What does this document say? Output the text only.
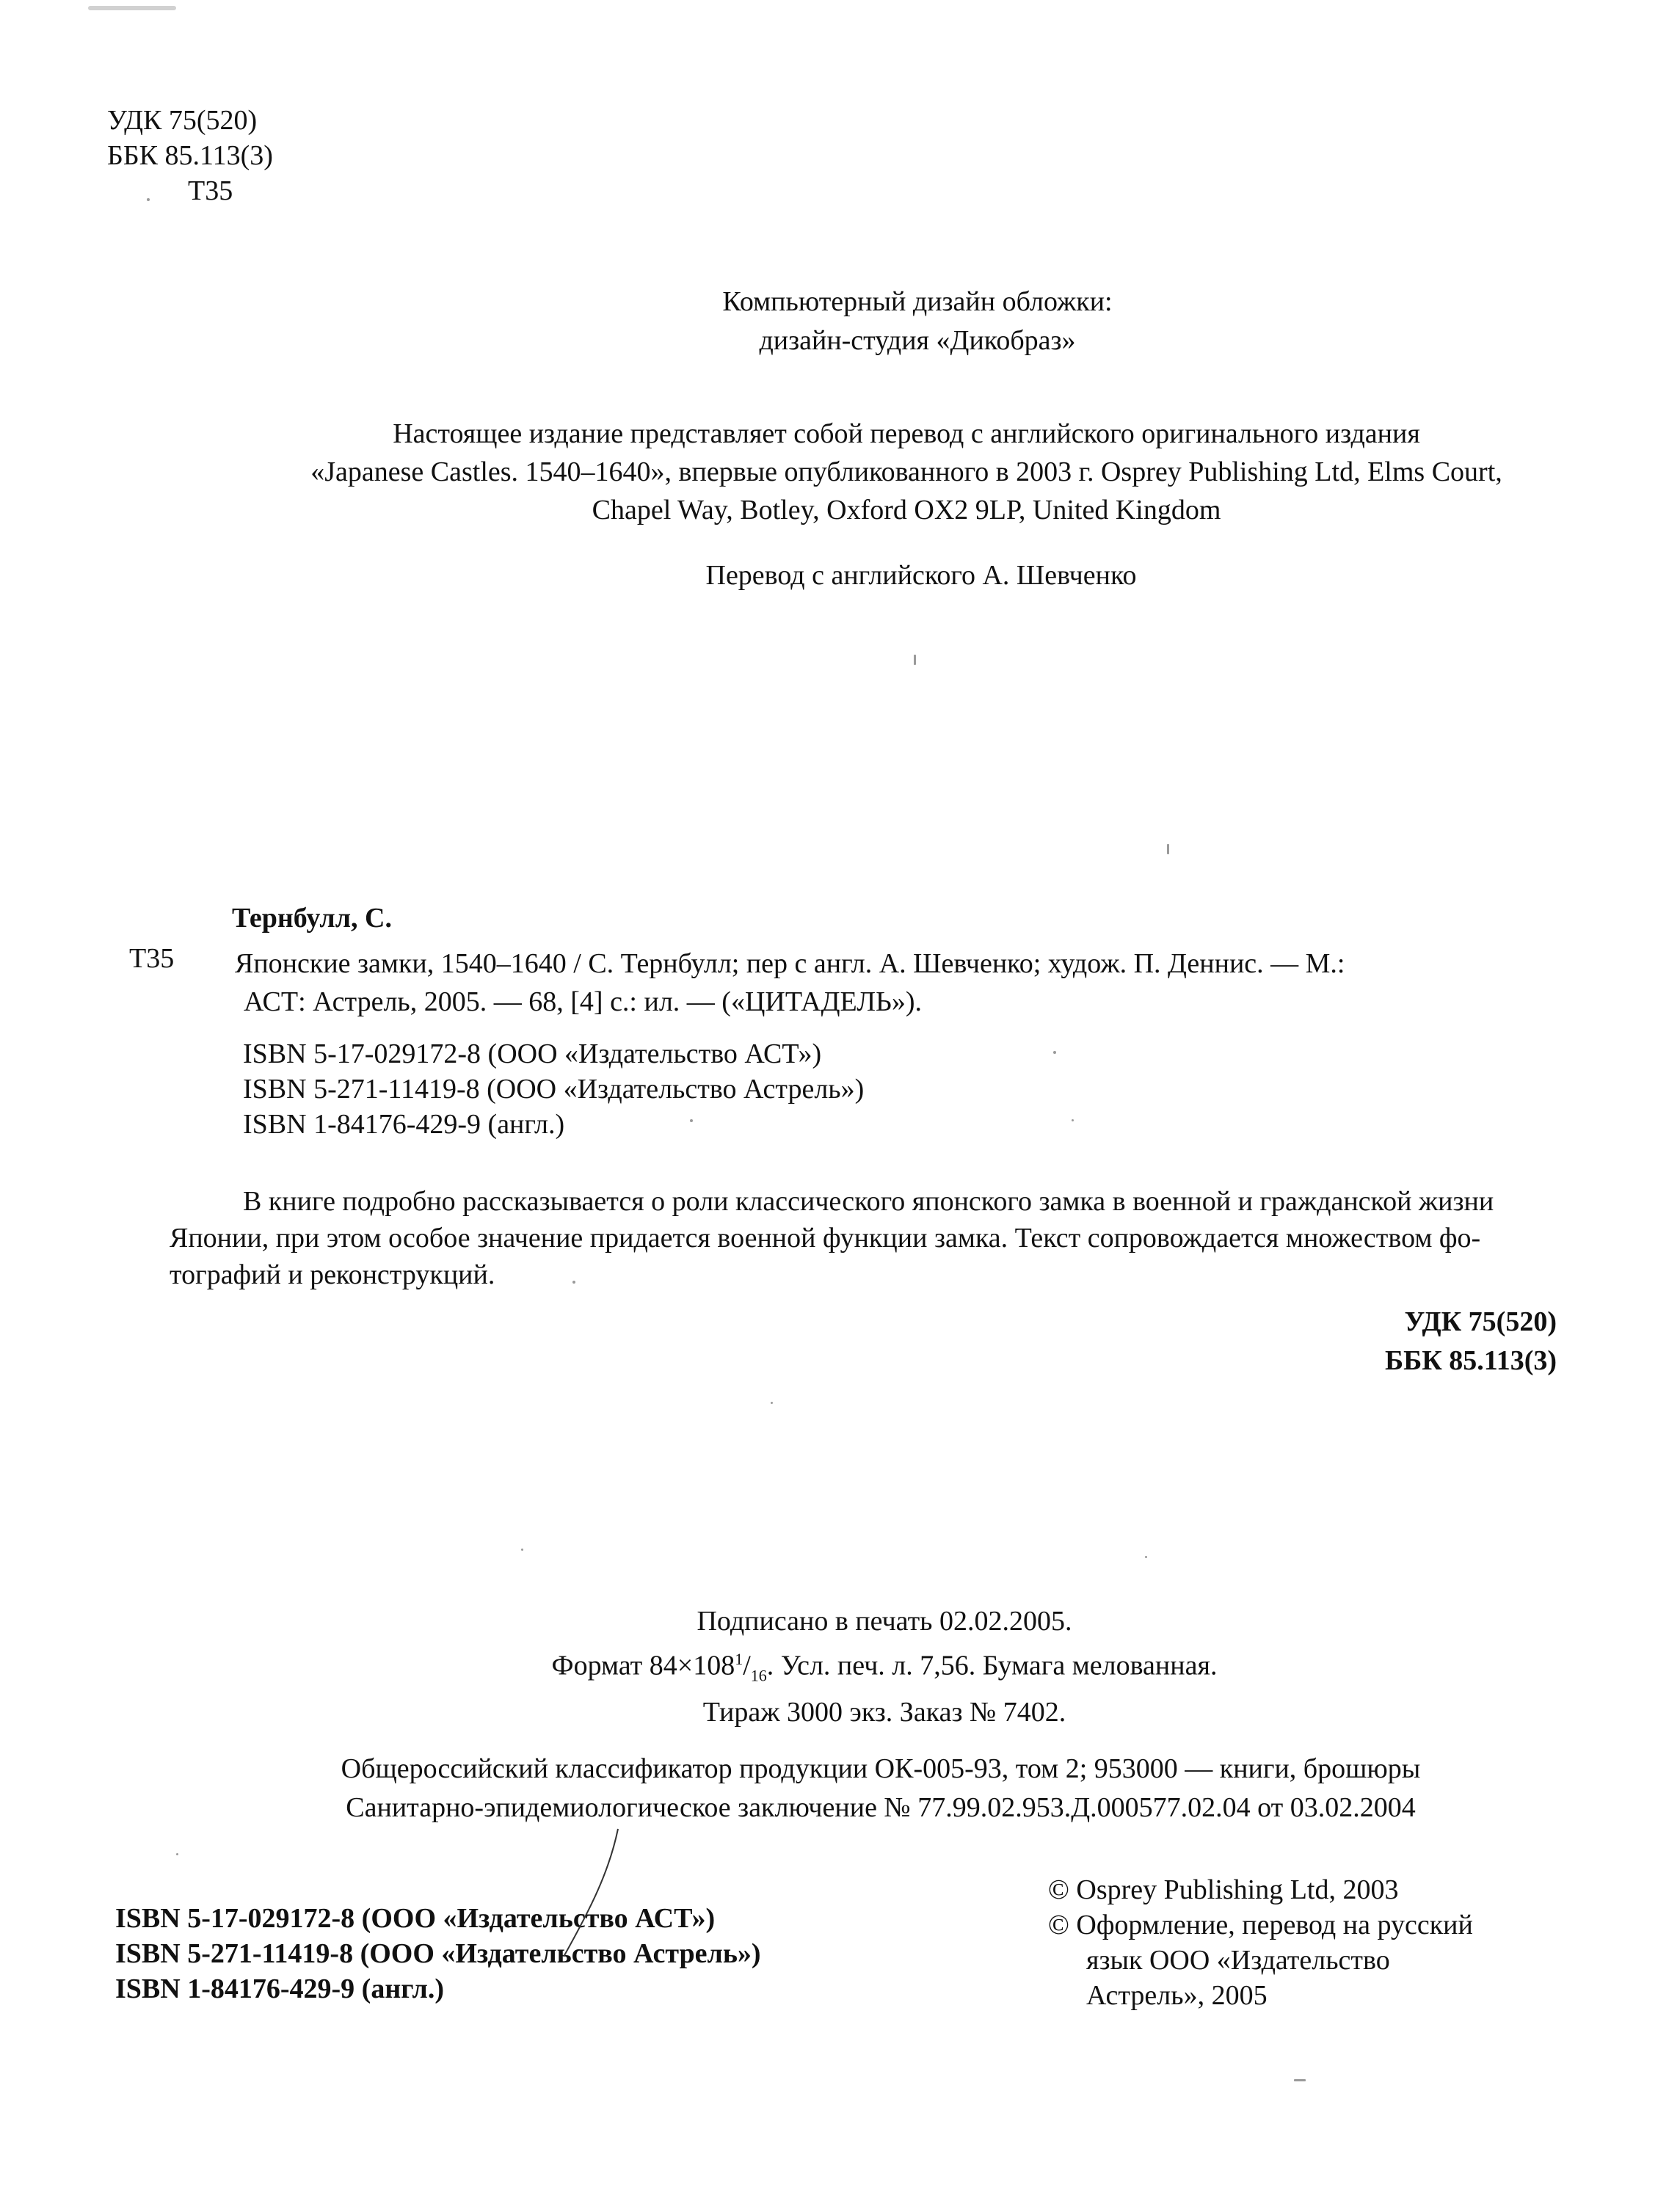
УДК 75(520)
ББК 85.113(3)
Т35
Компьютерный дизайн обложки:
дизайн-студия «Дикобраз»
Настоящее издание представляет собой перевод с английского оригинального издания
«Japanese Castles. 1540–1640», впервые опубликованного в 2003 г. Osprey Publishing Ltd, Elms Court,
Chapel Way, Botley, Oxford OX2 9LP, United Kingdom
Перевод с английского А. Шевченко
Тернбулл, С.
Т35 Японские замки, 1540–1640 / С. Тернбулл; пер с англ. А. Шевченко; худож. П. Деннис. — М.:
АСТ: Астрель, 2005. — 68, [4] с.: ил. — («ЦИТАДЕЛЬ»).
ISBN 5-17-029172-8 (ООО «Издательство АСТ»)
ISBN 5-271-11419-8 (ООО «Издательство Астрель»)
ISBN 1-84176-429-9 (англ.)
В книге подробно рассказывается о роли классического японского замка в военной и гражданской жизни
Японии, при этом особое значение придается военной функции замка. Текст сопровождается множеством фо-
тографий и реконструкций.
УДК 75(520)
ББК 85.113(3)
Подписано в печать 02.02.2005.
Формат $84\times 108^1/_{16}$. Усл. печ. л. 7,56. Бумага мелованная.
Тираж 3000 экз. Заказ № 7402.
Общероссийский классификатор продукции ОК-005-93, том 2; 953000 — книги, брошюры
Санитарно-эпидемиологическое заключение № 77.99.02.953.Д.000577.02.04 от 03.02.2004
ISBN 5-17-029172-8 (ООО «Издательство АСТ»)
ISBN 5-271-11419-8 (ООО «Издательство Астрель»)
ISBN 1-84176-429-9 (англ.)
© Osprey Publishing Ltd, 2003
© Оформление, перевод на русский
язык ООО «Издательство
Астрель», 2005
